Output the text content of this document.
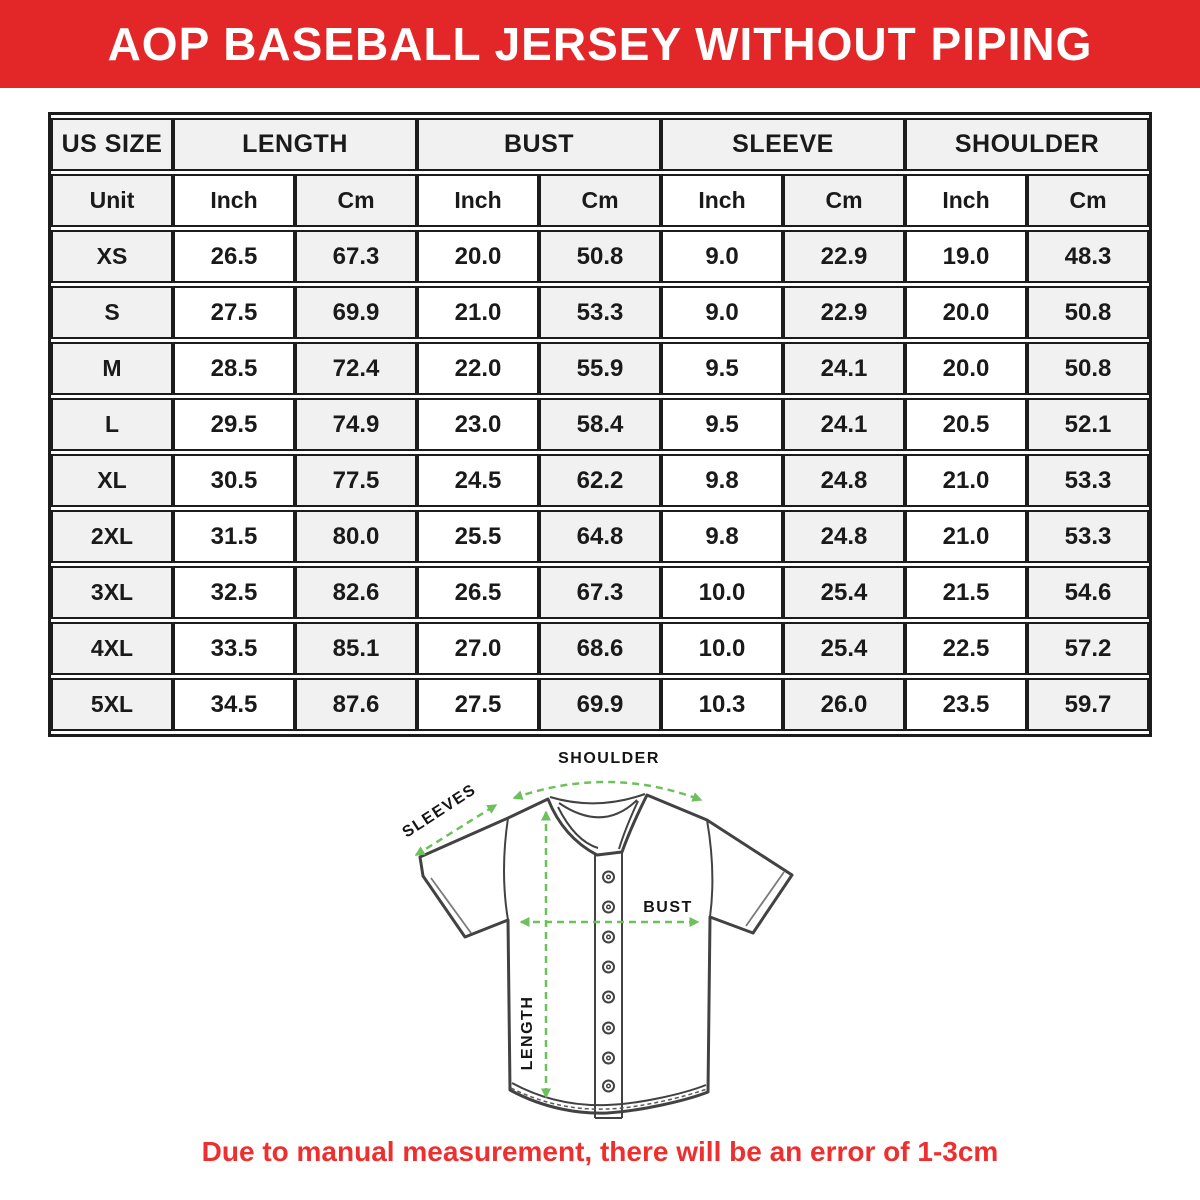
AOP BASEBALL JERSEY WITHOUT PIPING
US SIZE	LENGTH		BUST		SLEEVE		SHOULDER	
Unit	Inch	Cm	Inch	Cm	Inch	Cm	Inch	Cm
XS	26.5	67.3	20.0	50.8	9.0	22.9	19.0	48.3
S	27.5	69.9	21.0	53.3	9.0	22.9	20.0	50.8
M	28.5	72.4	22.0	55.9	9.5	24.1	20.0	50.8
L	29.5	74.9	23.0	58.4	9.5	24.1	20.5	52.1
XL	30.5	77.5	24.5	62.2	9.8	24.8	21.0	53.3
2XL	31.5	80.0	25.5	64.8	9.8	24.8	21.0	53.3
3XL	32.5	82.6	26.5	67.3	10.0	25.4	21.5	54.6
4XL	33.5	85.1	27.0	68.6	10.0	25.4	22.5	57.2
5XL	34.5	87.6	27.5	69.9	10.3	26.0	23.5	59.7
SHOULDER
SLEEVES
BUST
LENGTH
Due to manual measurement, there will be an error of 1-3cm
